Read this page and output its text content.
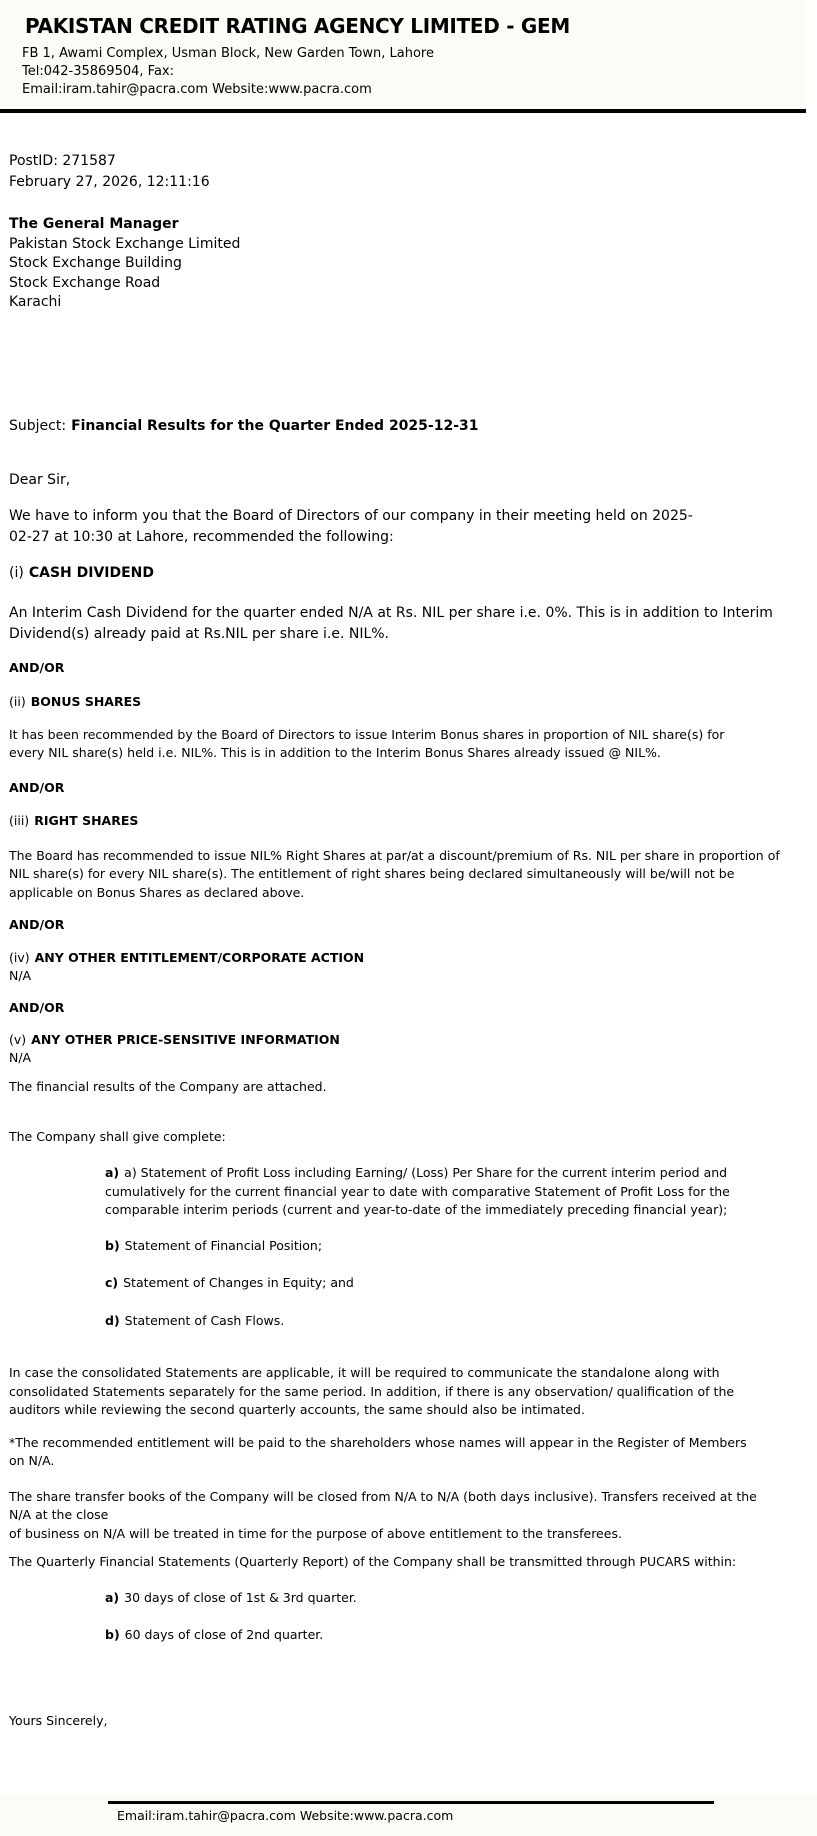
PAKISTAN CREDIT RATING AGENCY LIMITED - GEM
FB 1, Awami Complex, Usman Block, New Garden Town, Lahore
Tel:042-35869504, Fax:
Email:iram.tahir@pacra.com Website:www.pacra.com
PostID: 271587
February 27, 2026, 12:11:16
The General Manager
Pakistan Stock Exchange Limited
Stock Exchange Building
Stock Exchange Road
Karachi

Subject: Financial Results for the Quarter Ended 2025-12-31

Dear Sir,

We have to inform you that the Board of Directors of our company in their meeting held on 2025-02-27 at 10:30 at Lahore, recommended the following:

(i) CASH DIVIDEND

An Interim Cash Dividend for the quarter ended N/A at Rs. NIL per share i.e. 0%. This is in addition to Interim Dividend(s) already paid at Rs.NIL per share i.e. NIL%.

AND/OR

(ii) BONUS SHARES

It has been recommended by the Board of Directors to issue Interim Bonus shares in proportion of NIL share(s) for every NIL share(s) held i.e. NIL%. This is in addition to the Interim Bonus Shares already issued @ NIL%.

AND/OR

(iii) RIGHT SHARES

The Board has recommended to issue NIL% Right Shares at par/at a discount/premium of Rs. NIL per share in proportion of NIL share(s) for every NIL share(s). The entitlement of right shares being declared simultaneously will be/will not be applicable on Bonus Shares as declared above.

AND/OR

(iv) ANY OTHER ENTITLEMENT/CORPORATE ACTION

N/A

AND/OR

(v) ANY OTHER PRICE-SENSITIVE INFORMATION

N/A

The financial results of the Company are attached.

The Company shall give complete:

a) a) Statement of Profit Loss including Earning/ (Loss) Per Share for the current interim period and cumulatively for the current financial year to date with comparative Statement of Profit Loss for the comparable interim periods (current and year-to-date of the immediately preceding financial year);

b) Statement of Financial Position;

c) Statement of Changes in Equity; and

d) Statement of Cash Flows.

In case the consolidated Statements are applicable, it will be required to communicate the standalone along with consolidated Statements separately for the same period. In addition, if there is any observation/ qualification of the auditors while reviewing the second quarterly accounts, the same should also be intimated.

*The recommended entitlement will be paid to the shareholders whose names will appear in the Register of Members on N/A.

The share transfer books of the Company will be closed from N/A to N/A (both days inclusive). Transfers received at the N/A at the close
of business on N/A will be treated in time for the purpose of above entitlement to the transferees.

The Quarterly Financial Statements (Quarterly Report) of the Company shall be transmitted through PUCARS within:

a) 30 days of close of 1st & 3rd quarter.

b) 60 days of close of 2nd quarter.

Yours Sincerely,

Email:iram.tahir@pacra.com Website:www.pacra.com
